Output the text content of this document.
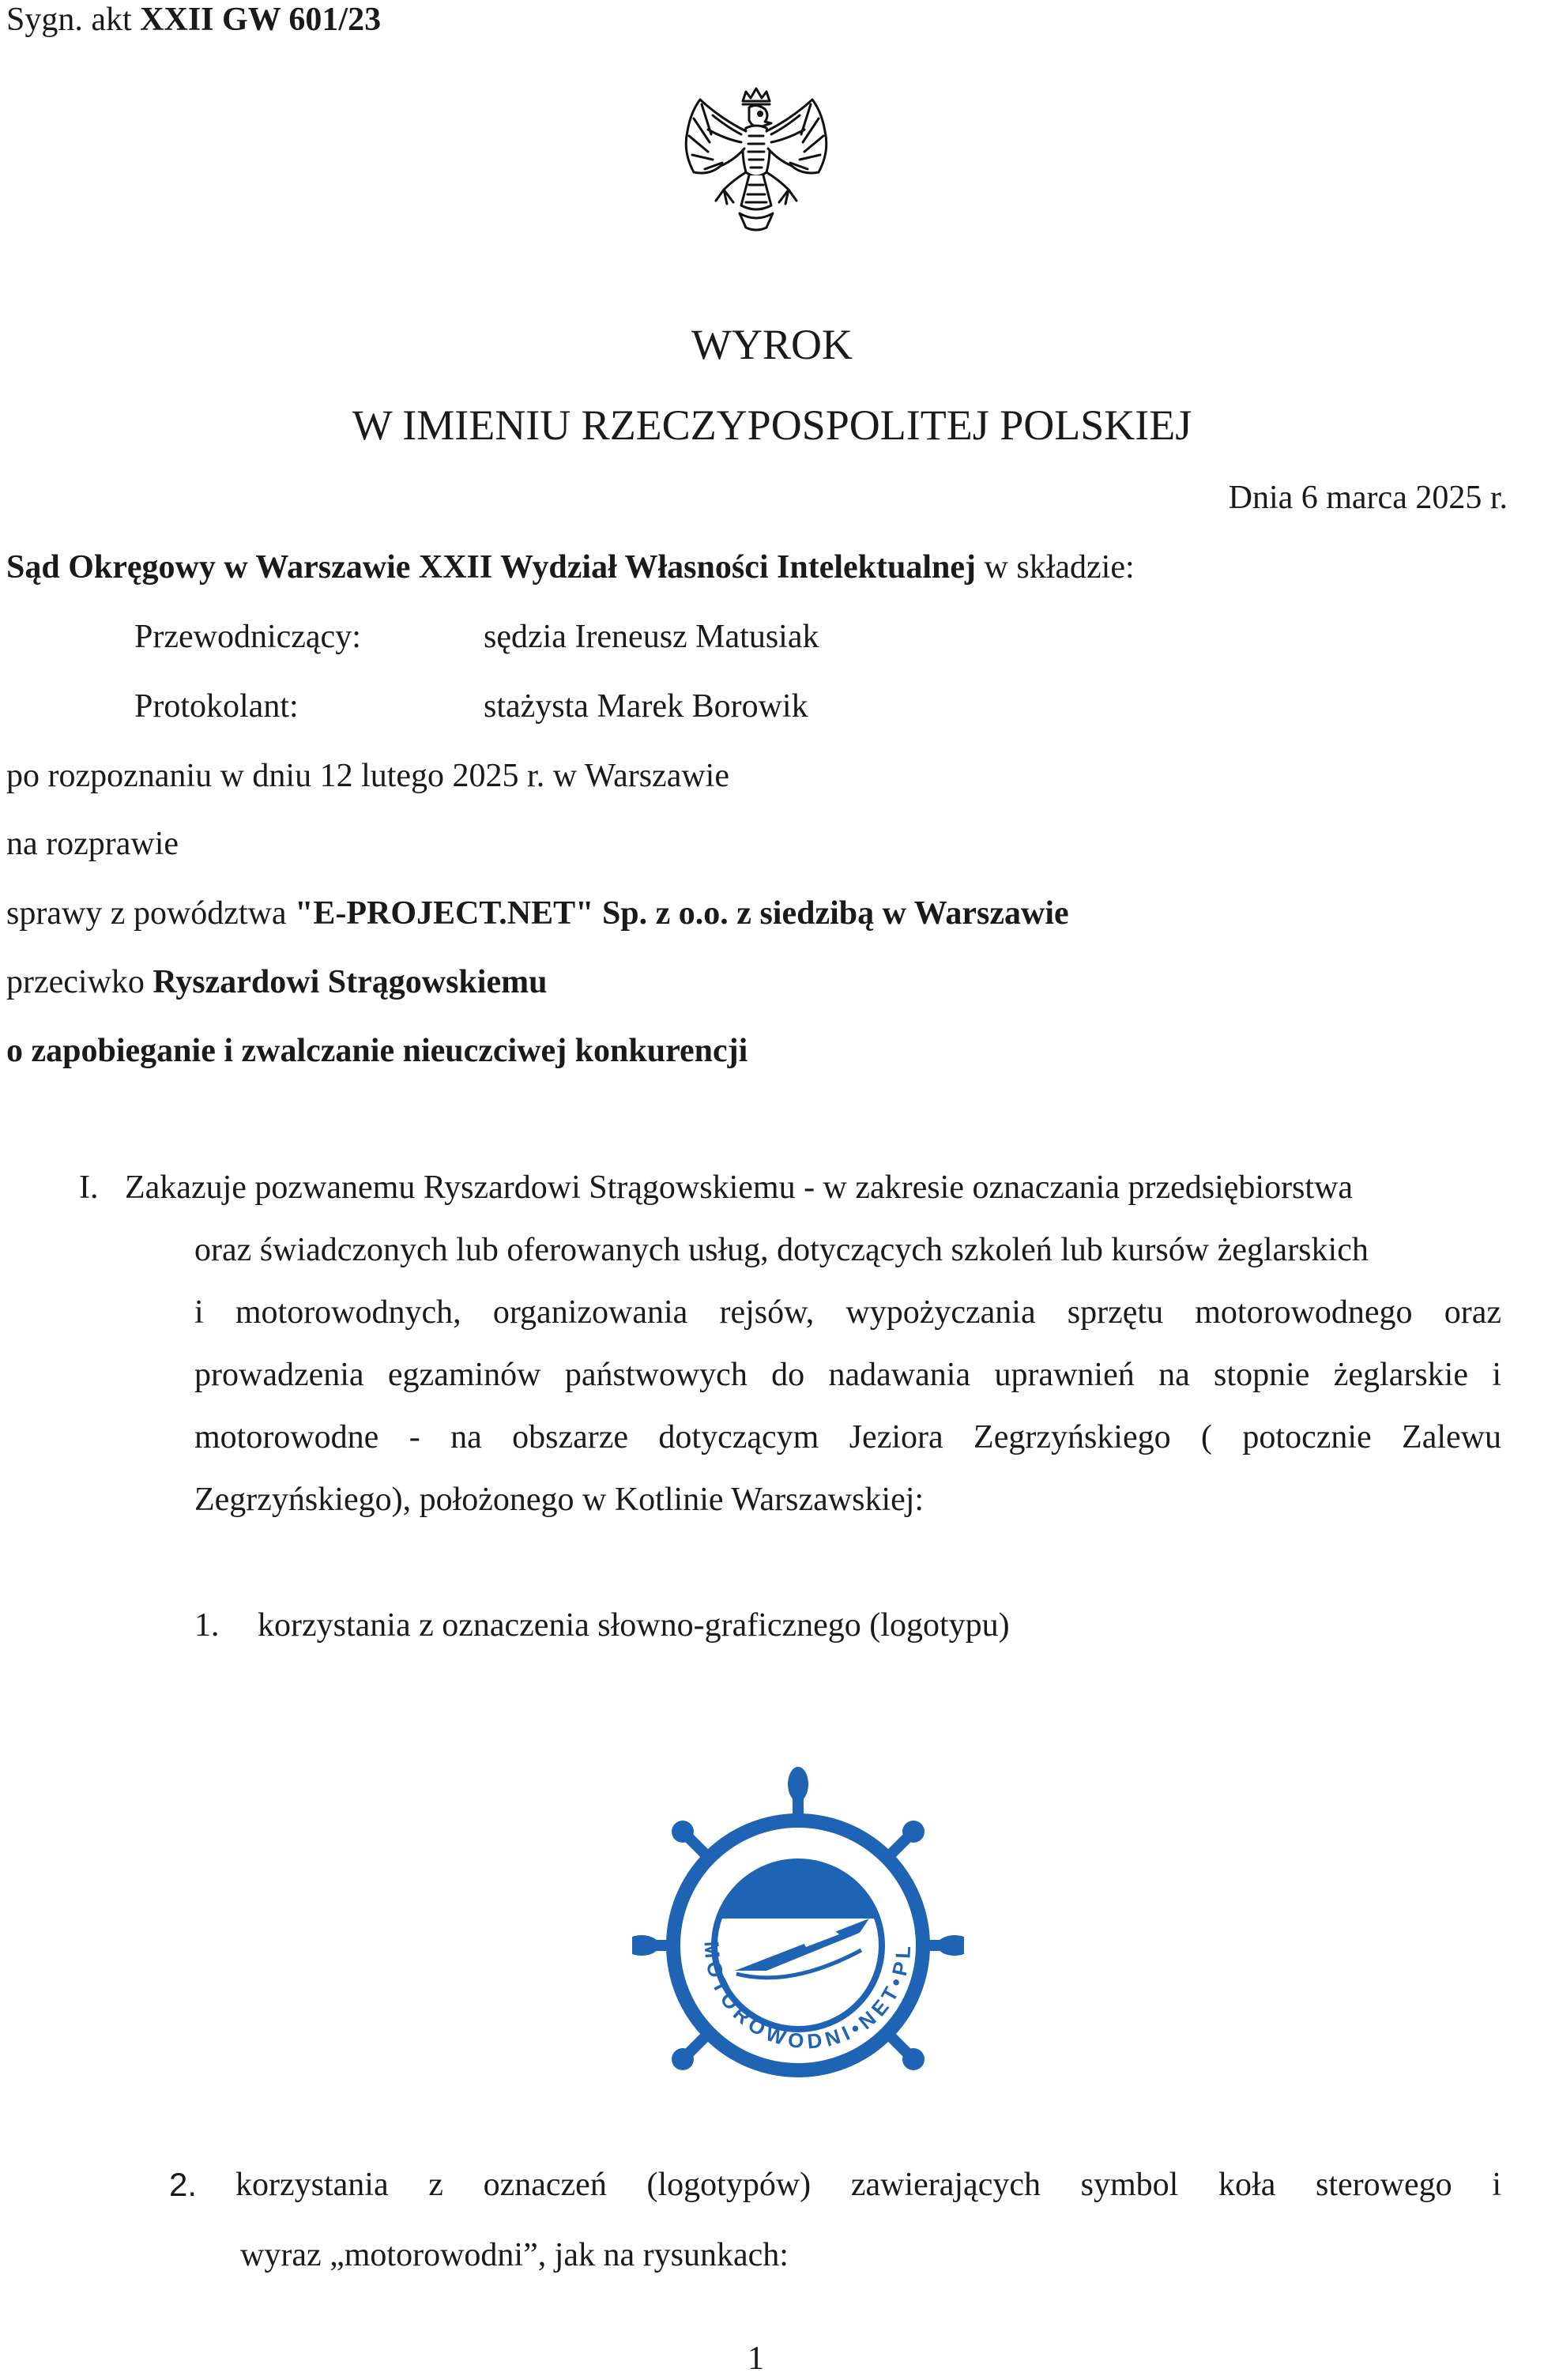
Sygn. akt XXII GW 601/23
WYROK
W IMIENIU RZECZYPOSPOLITEJ POLSKIEJ
Dnia 6 marca 2025 r.
Sąd Okręgowy w Warszawie XXII Wydział Własności Intelektualnej w składzie:
Przewodniczący:	sędzia Ireneusz Matusiak
Protokolant:	stażysta Marek Borowik
po rozpoznaniu w dniu 12 lutego 2025 r. w Warszawie
na rozprawie
sprawy z powództwa "E-PROJECT.NET" Sp. z o.o. z siedzibą w Warszawie
przeciwko Ryszardowi Strągowskiemu
o zapobieganie i zwalczanie nieuczciwej konkurencji
I. Zakazuje pozwanemu Ryszardowi Strągowskiemu - w zakresie oznaczania przedsiębiorstwa
oraz świadczonych lub oferowanych usług, dotyczących szkoleń lub kursów żeglarskich
i motorowodnych, organizowania rejsów, wypożyczania sprzętu motorowodnego oraz
prowadzenia egzaminów państwowych do nadawania uprawnień na stopnie żeglarskie i
motorowodne - na obszarze dotyczącym Jeziora Zegrzyńskiego ( potocznie Zalewu
Zegrzyńskiego), położonego w Kotlinie Warszawskiej:
1. korzystania z oznaczenia słowno-graficznego (logotypu)
MOTOROWODNI•NET•PL
2. korzystania z oznaczeń (logotypów) zawierających symbol koła sterowego i
wyraz „motorowodni”, jak na rysunkach:
1
